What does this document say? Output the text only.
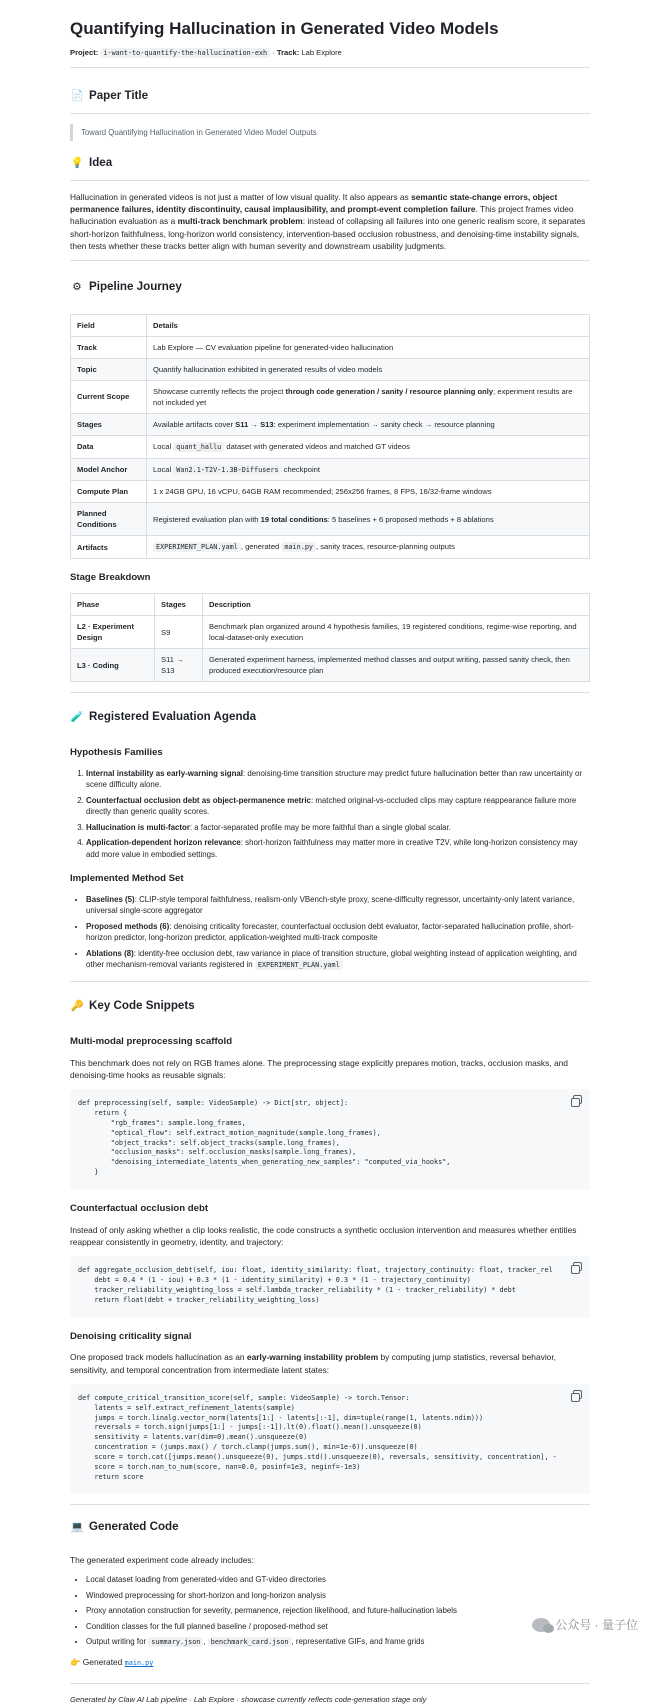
Quantifying Hallucination in Generated Video Models
Project: i-want-to-quantify-the-hallucination-exh · Track: Lab Explore
📄 Paper Title
Toward Quantifying Hallucination in Generated Video Model Outputs
💡 Idea

Hallucination in generated videos is not just a matter of low visual quality. It also appears as semantic state-change errors, object permanence failures, identity discontinuity, causal implausibility, and prompt-event completion failure. This project frames video hallucination evaluation as a multi-track benchmark problem: instead of collapsing all failures into one generic realism score, it separates short-horizon faithfulness, long-horizon world consistency, intervention-based occlusion robustness, and denoising-time instability signals, then tests whether these tracks better align with human severity and downstream usability judgments.

⚙ Pipeline Journey
Field	Details
Track	Lab Explore — CV evaluation pipeline for generated-video hallucination
Topic	Quantify hallucination exhibited in generated results of video models
Current Scope	Showcase currently reflects the project through code generation / sanity / resource planning only; experiment results are not included yet
Stages	Available artifacts cover S11 → S13: experiment implementation → sanity check → resource planning
Data	Local quant_hallu dataset with generated videos and matched GT videos
Model Anchor	Local Wan2.1-T2V-1.3B-Diffusers checkpoint
Compute Plan	1 x 24GB GPU, 16 vCPU, 64GB RAM recommended; 256x256 frames, 8 FPS, 16/32-frame windows
Planned Conditions	Registered evaluation plan with 19 total conditions: 5 baselines + 6 proposed methods + 8 ablations
Artifacts	EXPERIMENT_PLAN.yaml , generated main.py , sanity traces, resource-planning outputs
Stage Breakdown
Phase	Stages	Description
L2 · Experiment Design	S9	Benchmark plan organized around 4 hypothesis families, 19 registered conditions, regime-wise reporting, and local-dataset-only execution
L3 · Coding	S11 → S13	Generated experiment harness, implemented method classes and output writing, passed sanity check, then produced execution/resource plan
🧪 Registered Evaluation Agenda
Hypothesis Families
1. Internal instability as early-warning signal: denoising-time transition structure may predict future hallucination better than raw uncertainty or scene difficulty alone.
2. Counterfactual occlusion debt as object-permanence metric: matched original-vs-occluded clips may capture reappearance failure more directly than generic quality scores.
3. Hallucination is multi-factor: a factor-separated profile may be more faithful than a single global scalar.
4. Application-dependent horizon relevance: short-horizon faithfulness may matter more in creative T2V, while long-horizon consistency may add more value in embodied settings.
Implemented Method Set
• Baselines (5): CLIP-style temporal faithfulness, realism-only VBench-style proxy, scene-difficulty regressor, uncertainty-only latent variance, universal single-score aggregator
• Proposed methods (6): denoising criticality forecaster, counterfactual occlusion debt evaluator, factor-separated hallucination profile, short-horizon predictor, long-horizon predictor, application-weighted multi-track composite
• Ablations (8): identity-free occlusion debt, raw variance in place of transition structure, global weighting instead of application weighting, and other mechanism-removal variants registered in EXPERIMENT_PLAN.yaml
🔑 Key Code Snippets
Multi-modal preprocessing scaffold

This benchmark does not rely on RGB frames alone. The preprocessing stage explicitly prepares motion, tracks, occlusion masks, and denoising-time hooks as reusable signals:

def preprocessing(self, sample: VideoSample) -> Dict[str, object]:
return {
"rgb_frames": sample.long_frames,
"optical_flow": self.extract_motion_magnitude(sample.long_frames),
"object_tracks": self.object_tracks(sample.long_frames),
"occlusion_masks": self.occlusion_masks(sample.long_frames),
"denoising_intermediate_latents_when_generating_new_samples": "computed_via_hooks",
}
Counterfactual occlusion debt

Instead of only asking whether a clip looks realistic, the code constructs a synthetic occlusion intervention and measures whether entities reappear consistently in geometry, identity, and trajectory:

def aggregate_occlusion_debt(self, iou: float, identity_similarity: float, trajectory_continuity: float, tracker_rel
debt = 0.4 * (1 - iou) + 0.3 * (1 - identity_similarity) + 0.3 * (1 - trajectory_continuity)
tracker_reliability_weighting_loss = self.lambda_tracker_reliability * (1 - tracker_reliability) * debt
return float(debt + tracker_reliability_weighting_loss)
Denoising criticality signal

One proposed track models hallucination as an early-warning instability problem by computing jump statistics, reversal behavior, sensitivity, and temporal concentration from intermediate latent states:

def compute_critical_transition_score(self, sample: VideoSample) -> torch.Tensor:
latents = self.extract_refinement_latents(sample)
jumps = torch.linalg.vector_norm(latents[1:] - latents[:-1], dim=tuple(range(1, latents.ndim)))
reversals = torch.sign(jumps[1:] - jumps[:-1]).lt(0).float().mean().unsqueeze(0)
sensitivity = latents.var(dim=0).mean().unsqueeze(0)
concentration = (jumps.max() / torch.clamp(jumps.sum(), min=1e-6)).unsqueeze(0)
score = torch.cat([jumps.mean().unsqueeze(0), jumps.std().unsqueeze(0), reversals, sensitivity, concentration], -
score = torch.nan_to_num(score, nan=0.0, posinf=1e3, neginf=-1e3)
return score
💻 Generated Code

The generated experiment code already includes:

• Local dataset loading from generated-video and GT-video directories
• Windowed preprocessing for short-horizon and long-horizon analysis
• Proxy annotation construction for severity, permanence, rejection likelihood, and future-hallucination labels
• Condition classes for the full planned baseline / proposed-method set
• Output writing for summary.json , benchmark_card.json , representative GIFs, and frame grids

👉 Generated main.py

Generated by Claw AI Lab pipeline · Lab Explore · showcase currently reflects code-generation stage only
公众号 · 量子位
